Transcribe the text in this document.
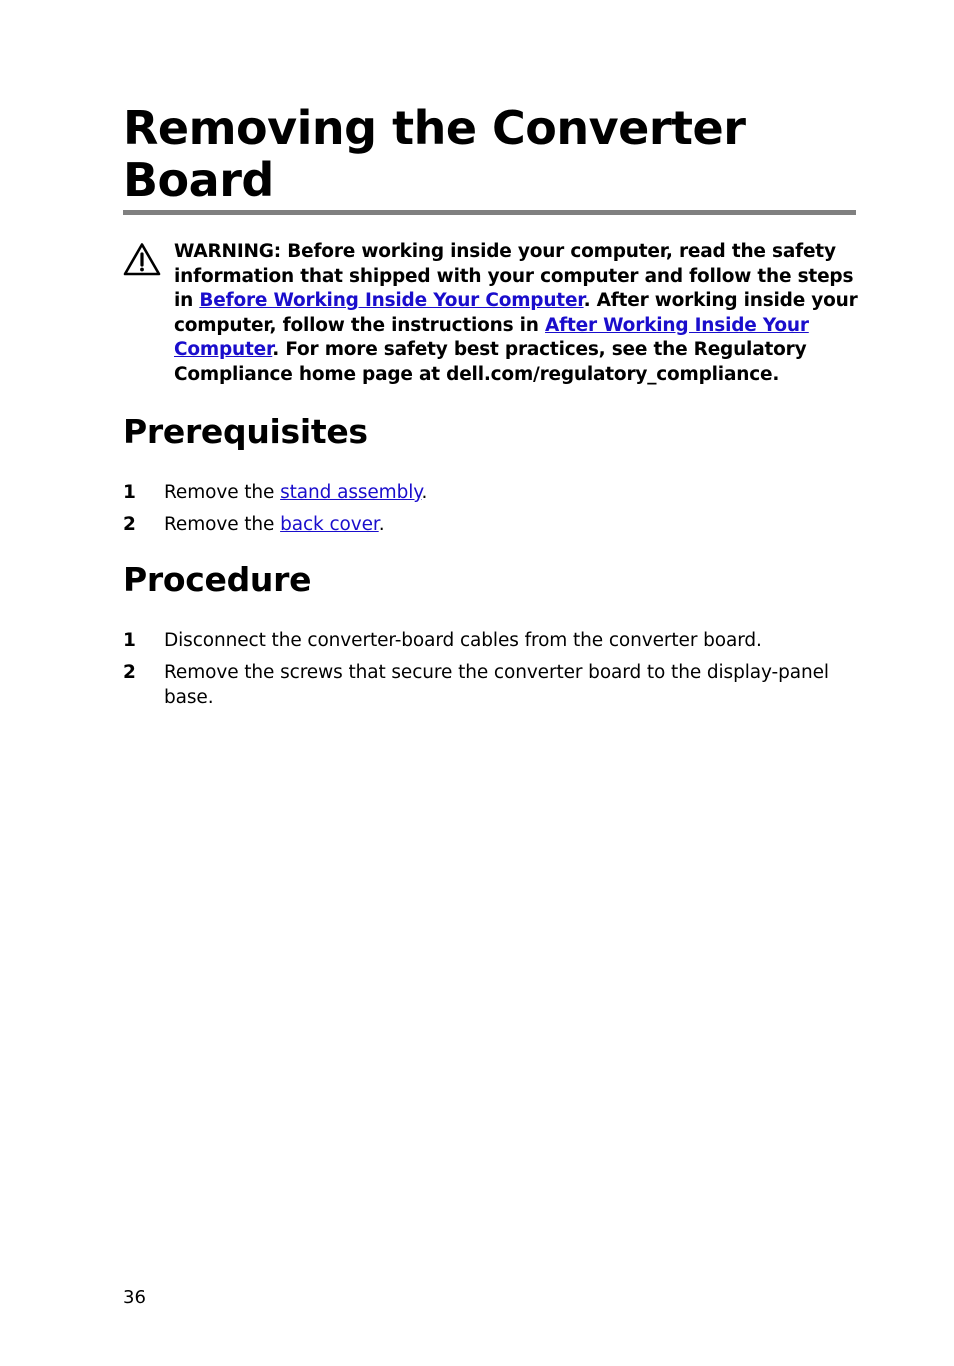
Removing the Converter
Board
WARNING: Before working inside your computer, read the safety information that shipped with your computer and follow the steps in Before Working Inside Your Computer. After working inside your computer, follow the instructions in After Working Inside Your Computer. For more safety best practices, see the Regulatory Compliance home page at dell.com/regulatory_compliance.
Prerequisites
1 Remove the stand assembly.
2 Remove the back cover.
Procedure
1 Disconnect the converter-board cables from the converter board.
2 Remove the screws that secure the converter board to the display-panel base.
36
